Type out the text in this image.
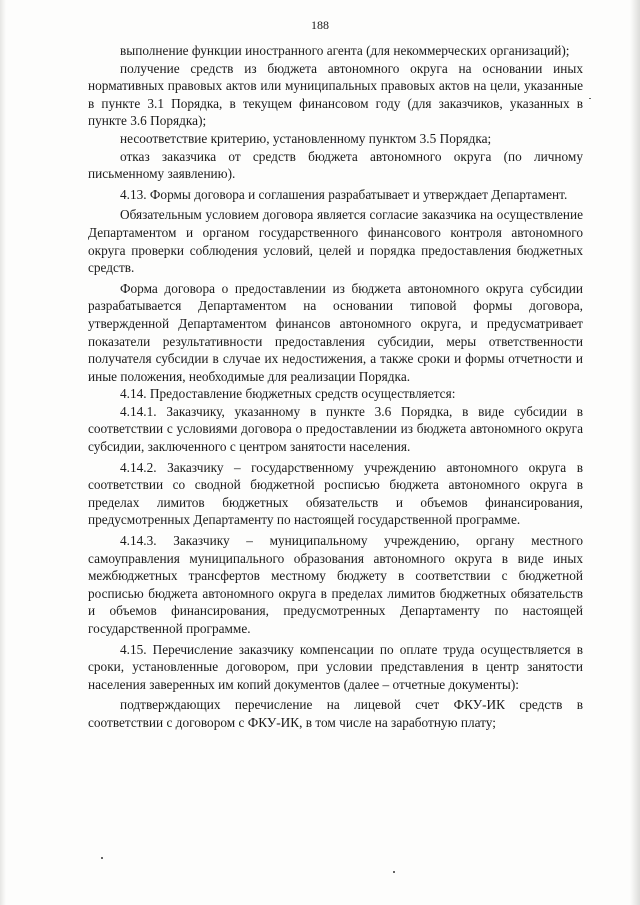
188

выполнение функции иностранного агента (для некоммерческих организаций);

получение средств из бюджета автономного округа на основании иных нормативных правовых актов или муниципальных правовых актов на цели, указанные в пункте 3.1 Порядка, в текущем финансовом году (для заказчиков, указанных в пункте 3.6 Порядка);

несоответствие критерию, установленному пунктом 3.5 Порядка;

отказ заказчика от средств бюджета автономного округа (по личному письменному заявлению).

4.13. Формы договора и соглашения разрабатывает и утверждает Департамент.

Обязательным условием договора является согласие заказчика на осуществление Департаментом и органом государственного финансового контроля автономного округа проверки соблюдения условий, целей и порядка предоставления бюджетных средств.

Форма договора о предоставлении из бюджета автономного округа субсидии разрабатывается Департаментом на основании типовой формы договора, утвержденной Департаментом финансов автономного округа, и предусматривает показатели результативности предоставления субсидии, меры ответственности получателя субсидии в случае их недостижения, а также сроки и формы отчетности и иные положения, необходимые для реализации Порядка.

4.14. Предоставление бюджетных средств осуществляется:

4.14.1. Заказчику, указанному в пункте 3.6 Порядка, в виде субсидии в соответствии с условиями договора о предоставлении из бюджета автономного округа субсидии, заключенного с центром занятости населения.

4.14.2. Заказчику – государственному учреждению автономного округа в соответствии со сводной бюджетной росписью бюджета автономного округа в пределах лимитов бюджетных обязательств и объемов финансирования, предусмотренных Департаменту по настоящей государственной программе.

4.14.3. Заказчику – муниципальному учреждению, органу местного самоуправления муниципального образования автономного округа в виде иных межбюджетных трансфертов местному бюджету в соответствии с бюджетной росписью бюджета автономного округа в пределах лимитов бюджетных обязательств и объемов финансирования, предусмотренных Департаменту по настоящей государственной программе.

4.15. Перечисление заказчику компенсации по оплате труда осуществляется в сроки, установленные договором, при условии представления в центр занятости населения заверенных им копий документов (далее – отчетные документы):

подтверждающих перечисление на лицевой счет ФКУ-ИК средств в соответствии с договором с ФКУ-ИК, в том числе на заработную плату;
